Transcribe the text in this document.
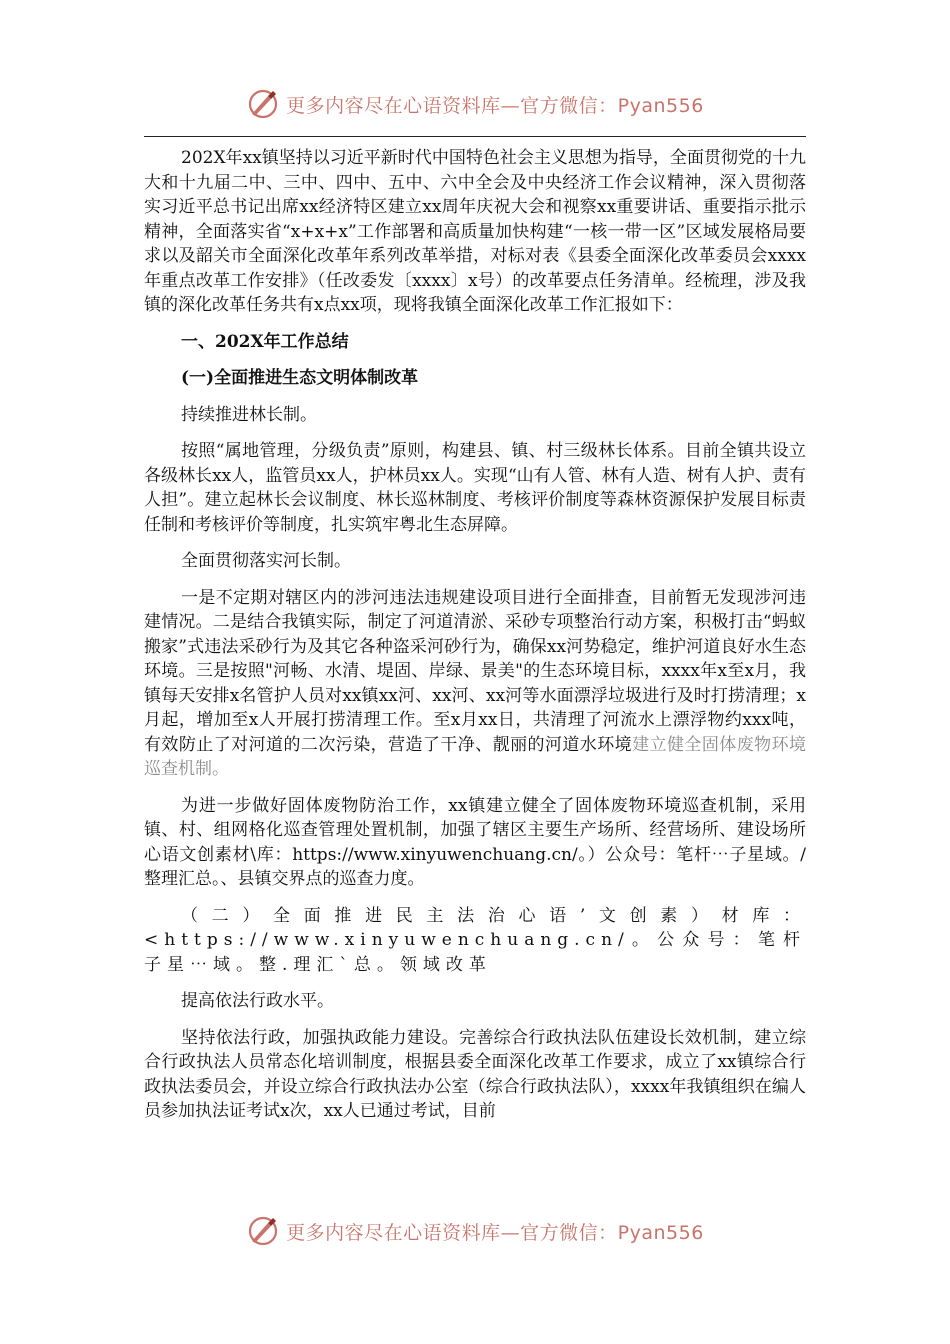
更多内容尽在心语资料库—官方微信：Pyan556

202X年xx镇坚持以习近平新时代中国特色社会主义思想为指导，全面贯彻党的十九大和十九届二中、三中、四中、五中、六中全会及中央经济工作会议精神，深入贯彻落实习近平总书记出席xx经济特区建立xx周年庆祝大会和视察xx重要讲话、重要指示批示精神，全面落实省“x+x+x”工作部署和高质量加快构建“一核一带一区”区域发展格局要求以及韶关市全面深化改革年系列改革举措，对标对表《县委全面深化改革委员会xxxx年重点改革工作安排》（任改委发〔xxxx〕x号）的改革要点任务清单。经梳理，涉及我镇的深化改革任务共有x点xx项，现将我镇全面深化改革工作汇报如下：

一、202X年工作总结

(一)全面推进生态文明体制改革

持续推进林长制。

按照“属地管理，分级负责”原则，构建县、镇、村三级林长体系。目前全镇共设立各级林长xx人，监管员xx人，护林员xx人。实现“山有人管、林有人造、树有人护、责有人担”。建立起林长会议制度、林长巡林制度、考核评价制度等森林资源保护发展目标责任制和考核评价等制度，扎实筑牢粤北生态屏障。

全面贯彻落实河长制。

一是不定期对辖区内的涉河违法违规建设项目进行全面排查，目前暂无发现涉河违建情况。二是结合我镇实际，制定了河道清淤、采砂专项整治行动方案，积极打击“蚂蚁搬家”式违法采砂行为及其它各种盗采河砂行为，确保xx河势稳定，维护河道良好水生态环境。三是按照"河畅、水清、堤固、岸绿、景美"的生态环境目标，xxxx年x至x月，我镇每天安排x名管护人员对xx镇xx河、xx河、xx河等水面漂浮垃圾进行及时打捞清理；x月起，增加至x人开展打捞清理工作。至x月xx日，共清理了河流水上漂浮物约xxx吨，有效防止了对河道的二次污染，营造了干净、靓丽的河道水环境建立健全固体废物环境巡查机制。

为进一步做好固体废物防治工作，xx镇建立健全了固体废物环境巡查机制，采用镇、村、组网格化巡查管理处置机制，加强了辖区主要生产场所、经营场所、建设场所心语文创素材\库：https://www.xinyuwenchuang.cn/。）公众号：笔杆⋯子星域。/整理汇总。、县镇交界点的巡查力度。

（二）全面推进民主法治心语’文创素）材库：<https://www.xinyuwenchuang.cn/。公众号：笔杆子星⋯域。整.理汇`总。领域改革

提高依法行政水平。

坚持依法行政，加强执政能力建设。完善综合行政执法队伍建设长效机制，建立综合行政执法人员常态化培训制度，根据县委全面深化改革工作要求，成立了xx镇综合行政执法委员会，并设立综合行政执法办公室（综合行政执法队），xxxx年我镇组织在编人员参加执法证考试x次，xx人已通过考试，目前

更多内容尽在心语资料库—官方微信：Pyan556
